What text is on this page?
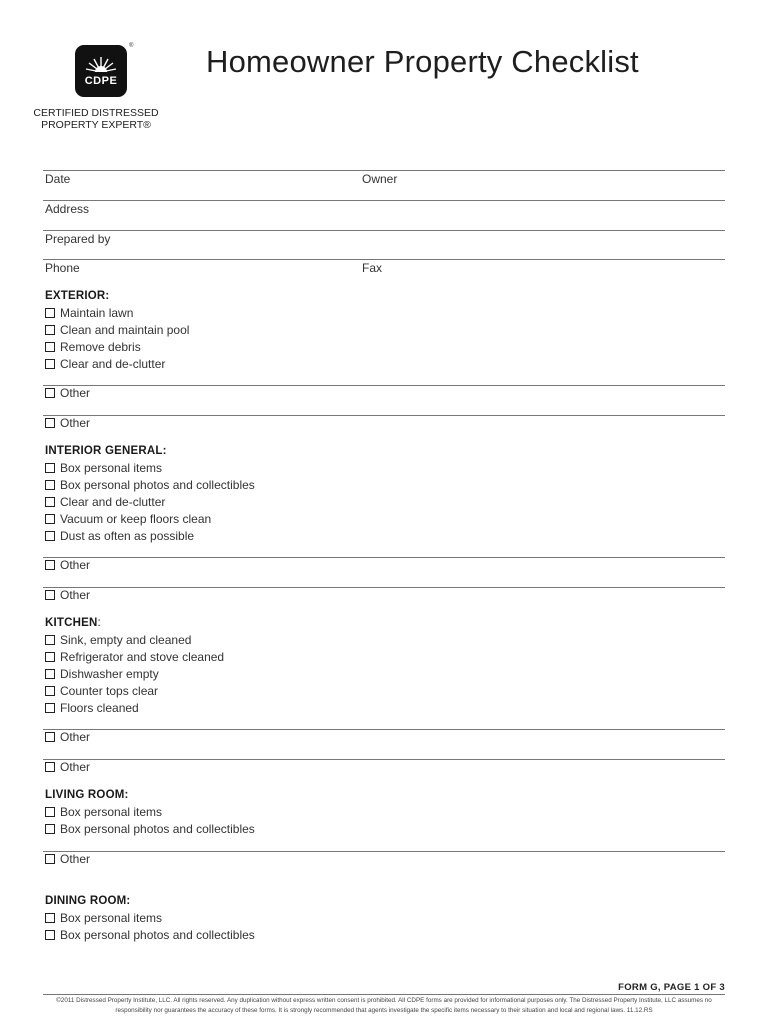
CDPE
®
CERTIFIED DISTRESSED
PROPERTY EXPERT®
Homeowner Property Checklist
Date	Owner
Address
Prepared by
Phone	Fax
EXTERIOR:
Maintain lawn
Clean and maintain pool
Remove debris
Clear and de-clutter
Other
Other
INTERIOR GENERAL:
Box personal items
Box personal photos and collectibles
Clear and de-clutter
Vacuum or keep floors clean
Dust as often as possible
Other
Other
KITCHEN:
Sink, empty and cleaned
Refrigerator and stove cleaned
Dishwasher empty
Counter tops clear
Floors cleaned
Other
Other
LIVING ROOM:
Box personal items
Box personal photos and collectibles
Other
DINING ROOM:
Box personal items
Box personal photos and collectibles
FORM G, PAGE 1 OF 3
©2011 Distressed Property Institute, LLC. All rights reserved. Any duplication without express written consent is prohibited. All CDPE forms are provided for informational purposes only. The Distressed Property Institute, LLC assumes no
responsibility nor guarantees the accuracy of these forms. It is strongly recommended that agents investigate the specific items necessary to their situation and local and regional laws. 11.12.RS
